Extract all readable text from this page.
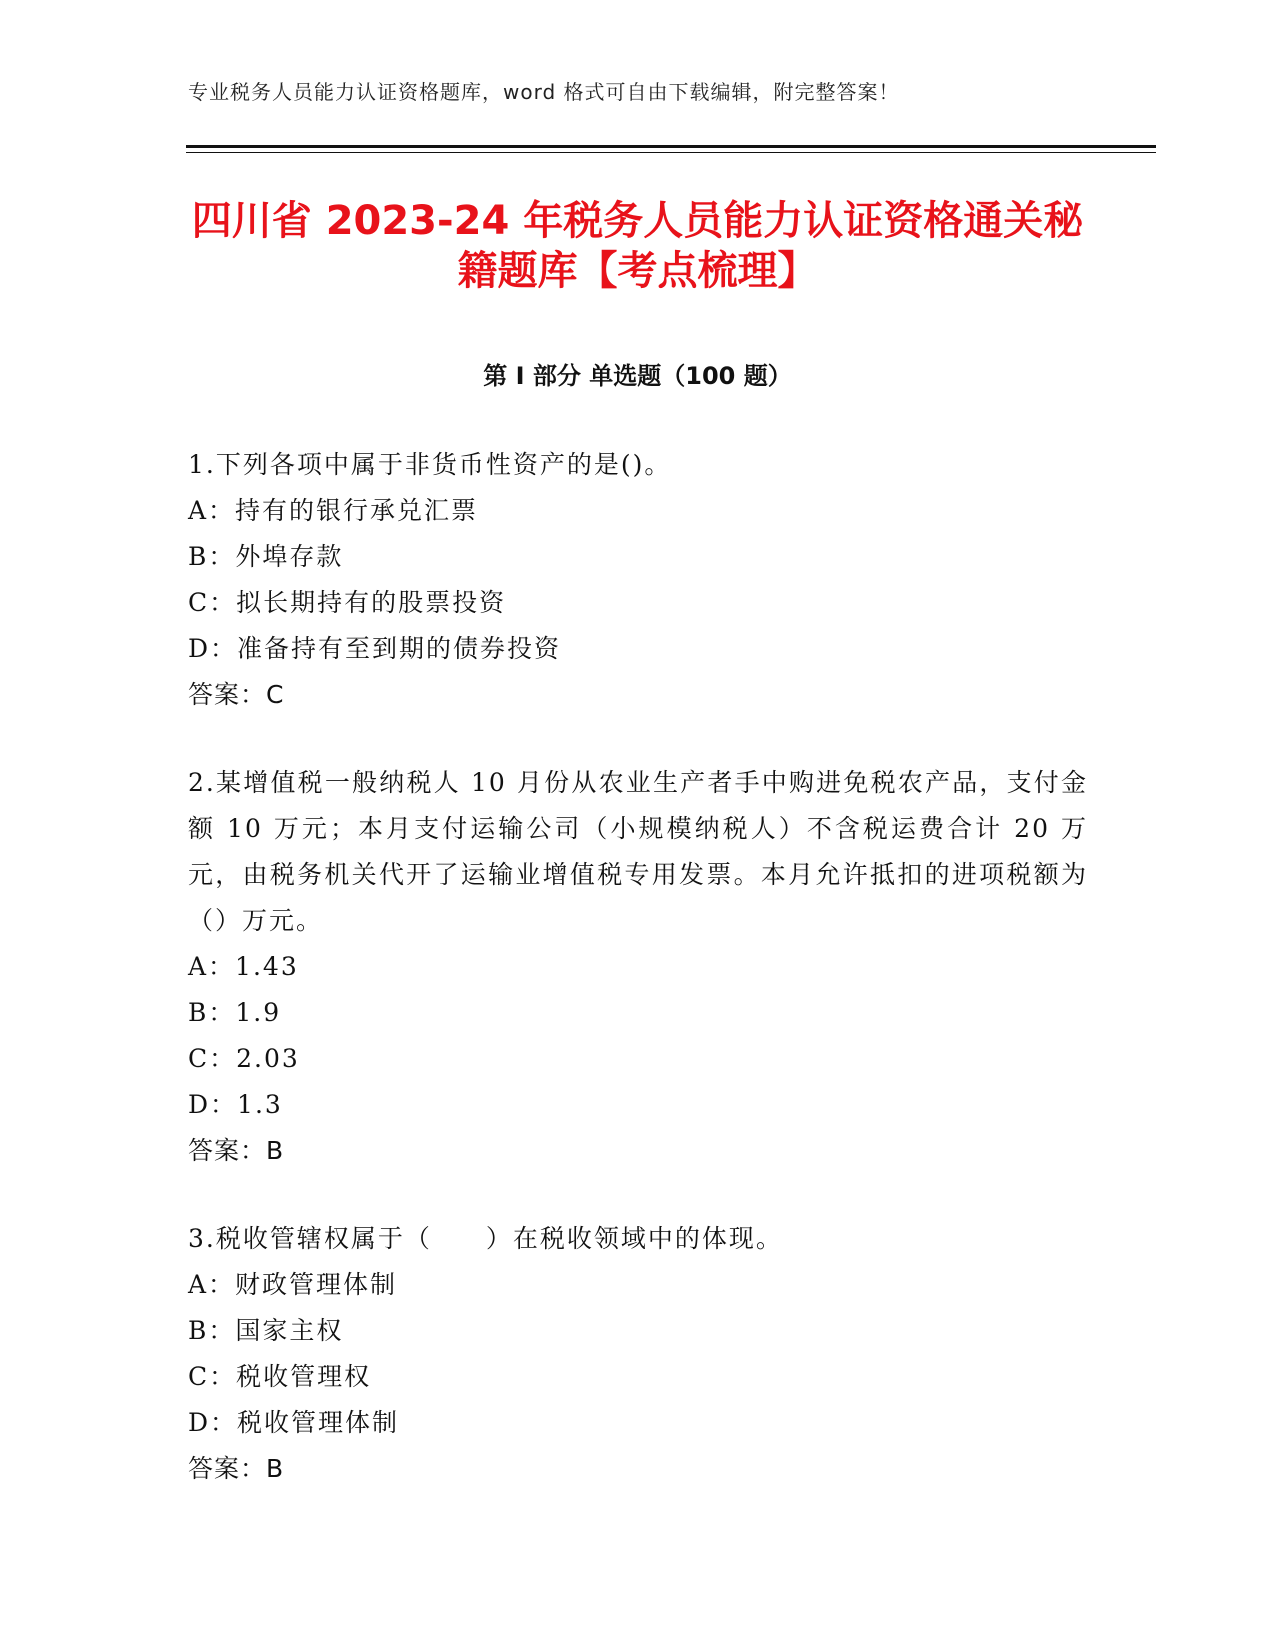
专业税务人员能力认证资格题库，word 格式可自由下载编辑，附完整答案！
四川省 2023-24 年税务人员能力认证资格通关秘籍题库【考点梳理】
第 I 部分 单选题（100 题）

1.下列各项中属于非货币性资产的是()。

A：持有的银行承兑汇票

B：外埠存款

C：拟长期持有的股票投资

D：准备持有至到期的债券投资

答案：C

2.某增值税一般纳税人 10 月份从农业生产者手中购进免税农产品，支付金额 10 万元；本月支付运输公司（小规模纳税人）不含税运费合计 20 万元，由税务机关代开了运输业增值税专用发票。本月允许抵扣的进项税额为（）万元。

A：1.43

B：1.9

C：2.03

D：1.3

答案：B

3.税收管辖权属于（　　）在税收领域中的体现。

A：财政管理体制

B：国家主权

C：税收管理权

D：税收管理体制

答案：B
